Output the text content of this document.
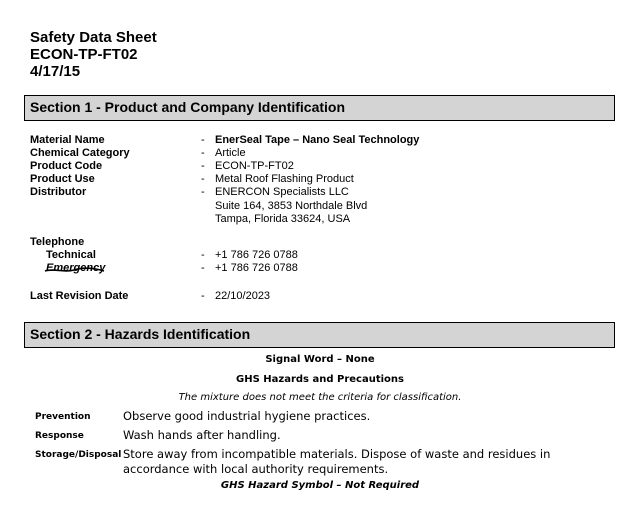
Safety Data Sheet
ECON-TP-FT02
4/17/15
Section 1 - Product and Company Identification
Material Name	- EnerSeal Tape – Nano Seal Technology
Chemical Category	- Article
Product Code	- ECON-TP-FT02
Product Use	- Metal Roof Flashing Product
Distributor	- ENERCON Specialists LLC
Suite 164, 3853 Northdale Blvd
Tampa, Florida 33624, USA
Telephone
Technical	- +1 786 726 0788
Emergency	- +1 786 726 0788
Last Revision Date	- 22/10/2023
Section 2 - Hazards Identification
Signal Word – None
GHS Hazards and Precautions
The mixture does not meet the criteria for classification.
Prevention	Observe good industrial hygiene practices.
Response	Wash hands after handling.
Storage/Disposal Store away from incompatible materials. Dispose of waste and residues in accordance with local authority requirements.
GHS Hazard Symbol – Not Required
